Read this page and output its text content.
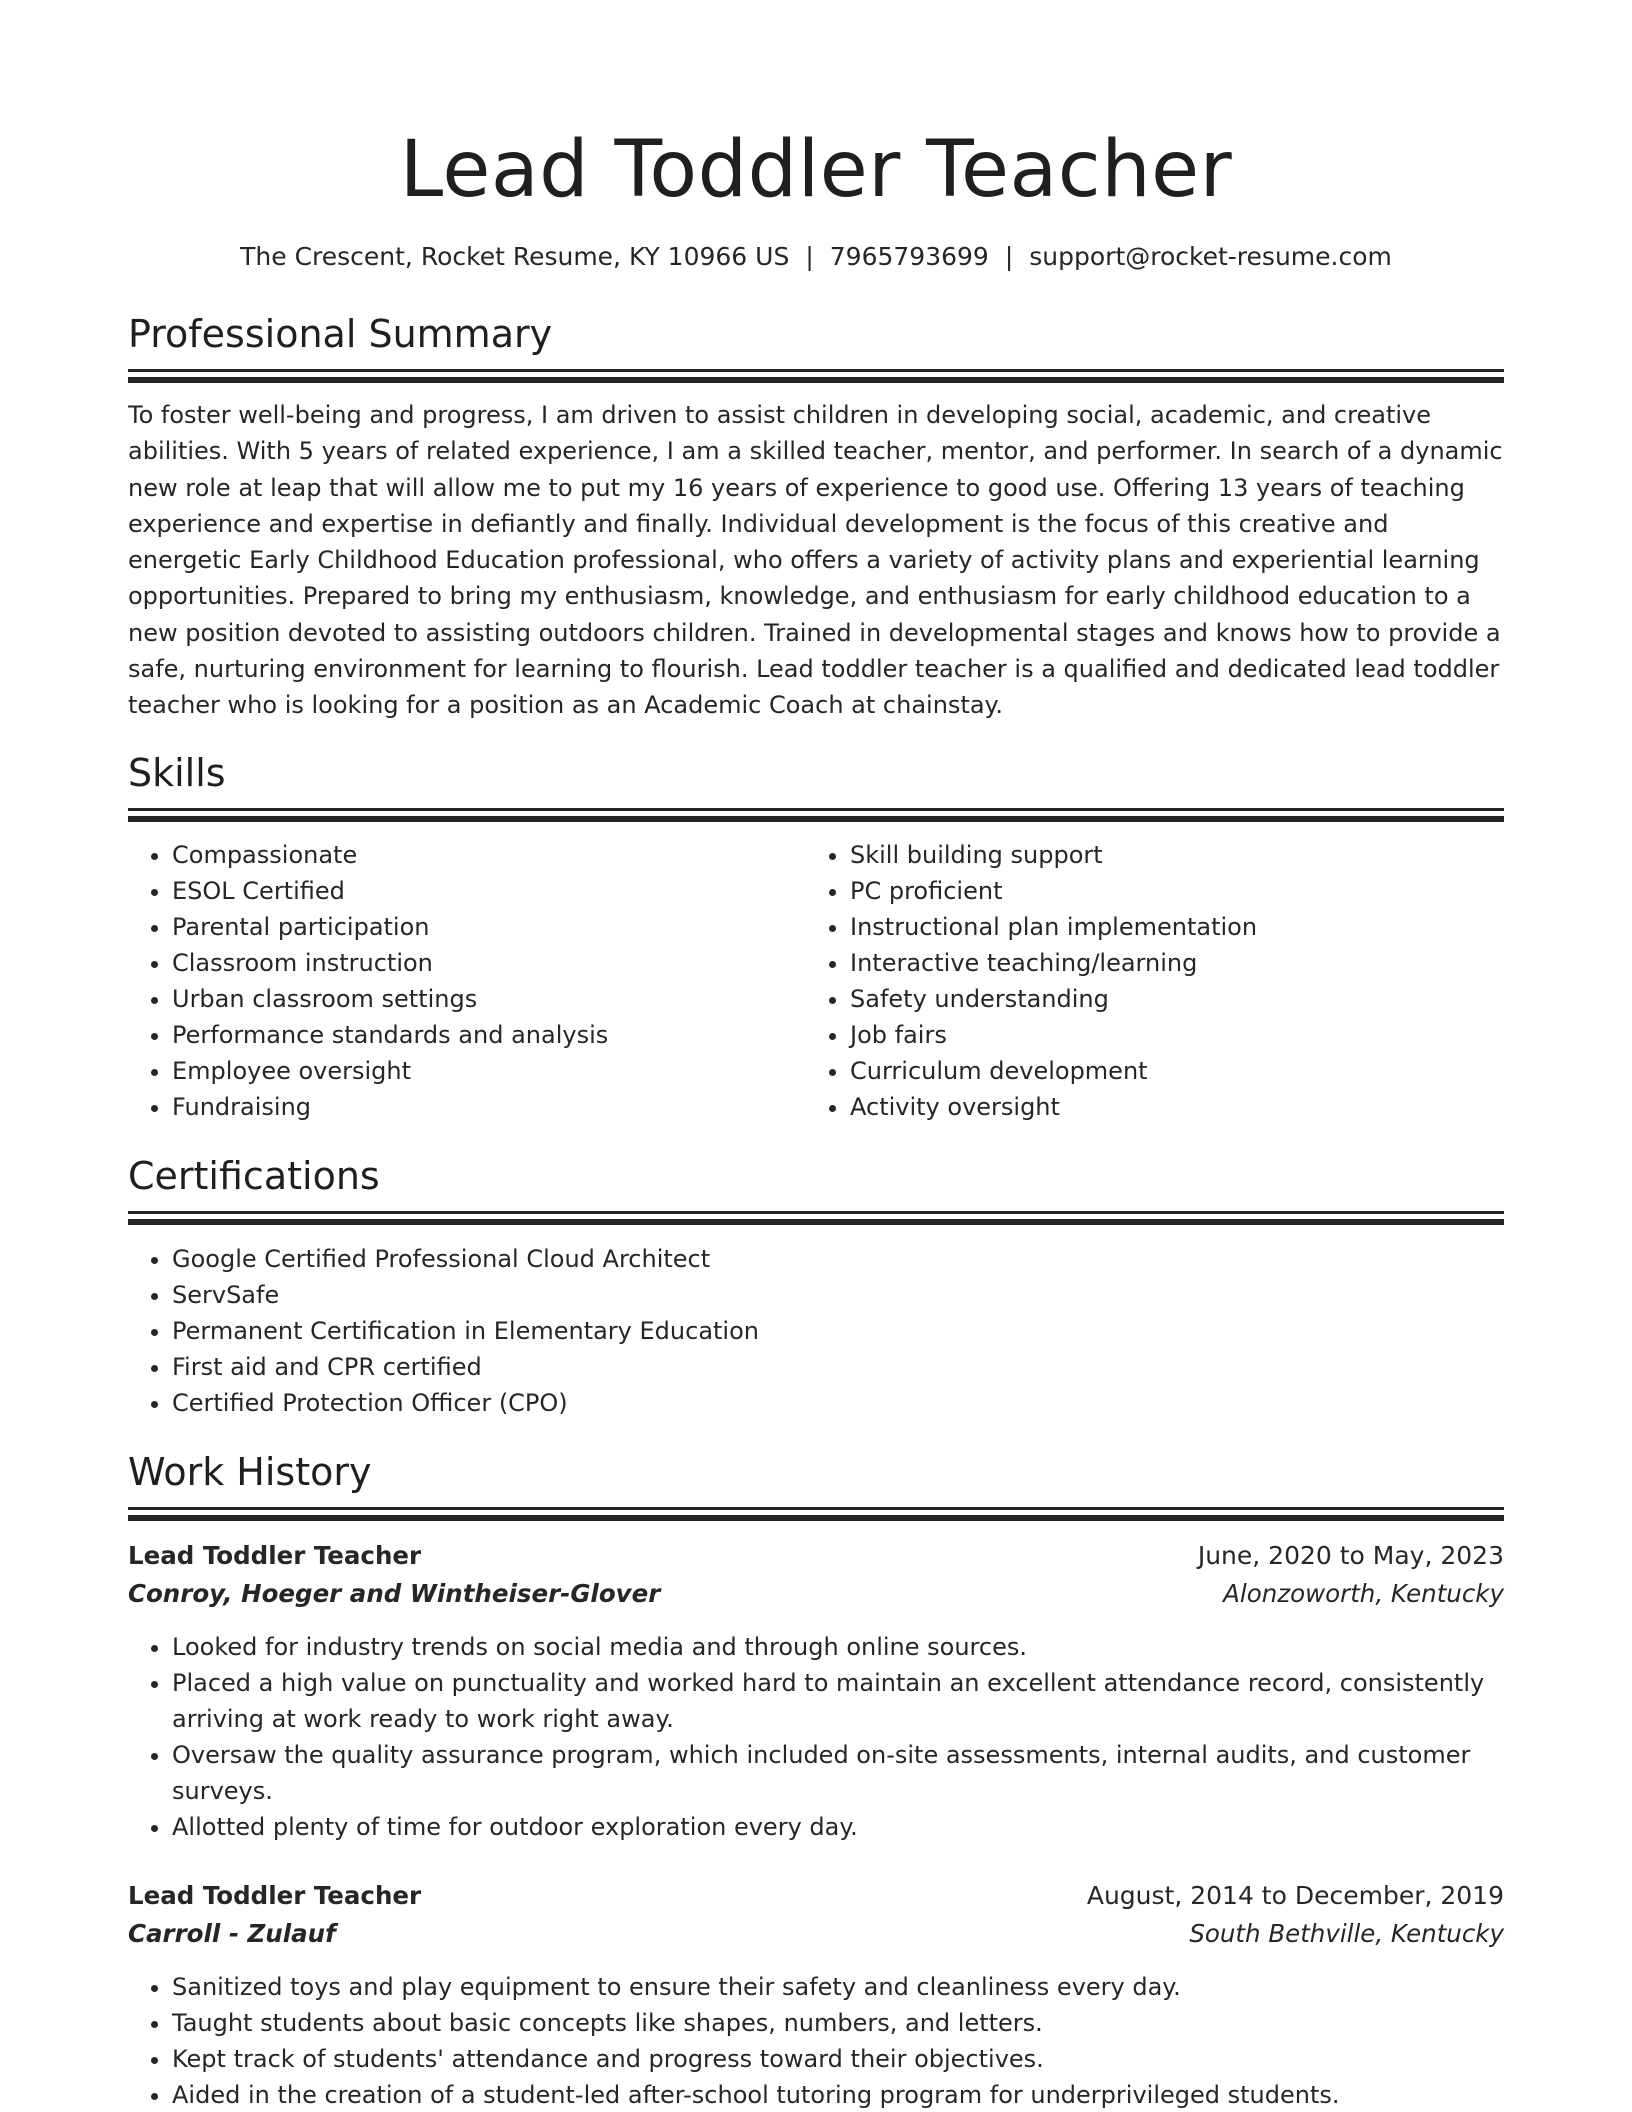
Lead Toddler Teacher
The Crescent, Rocket Resume, KY 10966 US | 7965793699 | support@rocket-resume.com
Professional Summary

To foster well-being and progress, I am driven to assist children in developing social, academic, and creative abilities. With 5 years of related experience, I am a skilled teacher, mentor, and performer. In search of a dynamic new role at leap that will allow me to put my 16 years of experience to good use. Offering 13 years of teaching experience and expertise in defiantly and finally. Individual development is the focus of this creative and energetic Early Childhood Education professional, who offers a variety of activity plans and experiential learning opportunities. Prepared to bring my enthusiasm, knowledge, and enthusiasm for early childhood education to a new position devoted to assisting outdoors children. Trained in developmental stages and knows how to provide a safe, nurturing environment for learning to flourish. Lead toddler teacher is a qualified and dedicated lead toddler teacher who is looking for a position as an Academic Coach at chainstay.

Skills
• Compassionate
• ESOL Certified
• Parental participation
• Classroom instruction
• Urban classroom settings
• Performance standards and analysis
• Employee oversight
• Fundraising
• Skill building support
• PC proficient
• Instructional plan implementation
• Interactive teaching/learning
• Safety understanding
• Job fairs
• Curriculum development
• Activity oversight
Certifications
• Google Certified Professional Cloud Architect
• ServSafe
• Permanent Certification in Elementary Education
• First aid and CPR certified
• Certified Protection Officer (CPO)
Work History
Lead Toddler Teacher	June, 2020 to May, 2023
Conroy, Hoeger and Wintheiser-Glover	Alonzoworth, Kentucky
• Looked for industry trends on social media and through online sources.
• Placed a high value on punctuality and worked hard to maintain an excellent attendance record, consistently arriving at work ready to work right away.
• Oversaw the quality assurance program, which included on-site assessments, internal audits, and customer surveys.
• Allotted plenty of time for outdoor exploration every day.
Lead Toddler Teacher	August, 2014 to December, 2019
Carroll - Zulauf	South Bethville, Kentucky
• Sanitized toys and play equipment to ensure their safety and cleanliness every day.
• Taught students about basic concepts like shapes, numbers, and letters.
• Kept track of students' attendance and progress toward their objectives.
• Aided in the creation of a student-led after-school tutoring program for underprivileged students.
